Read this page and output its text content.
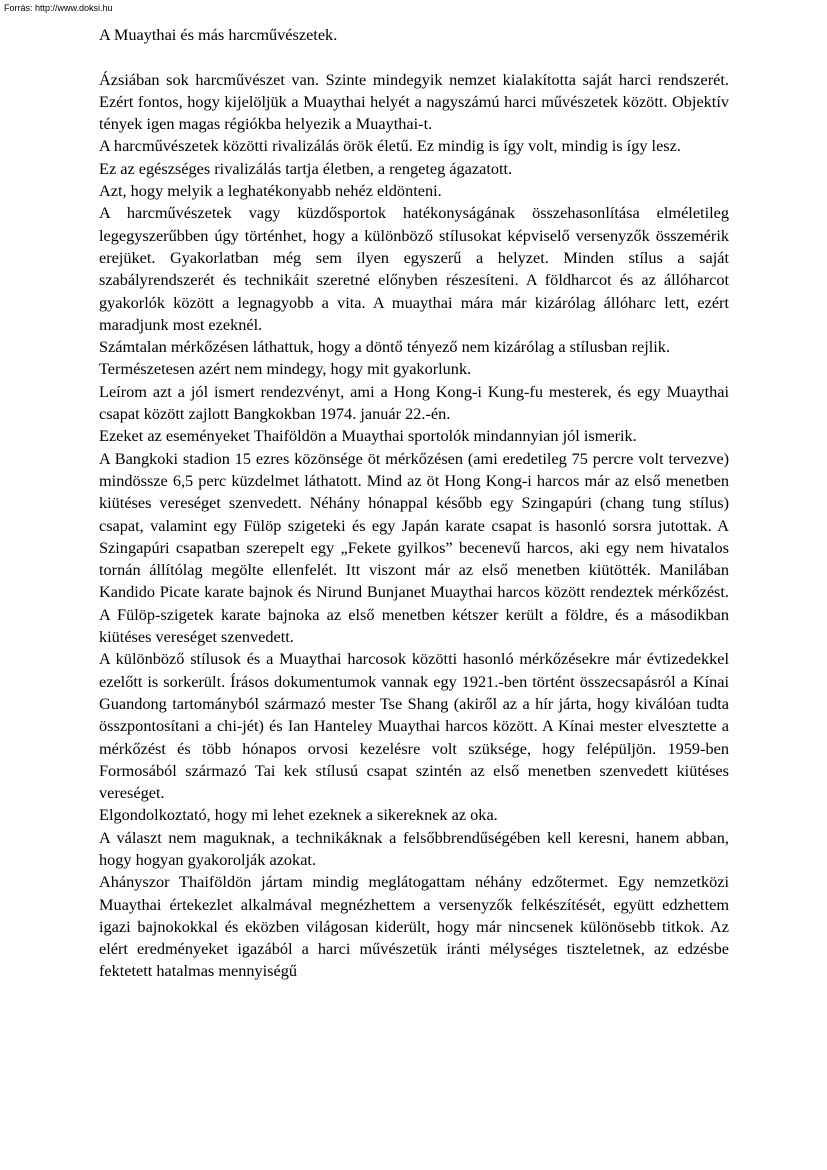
Forrás: http://www.doksi.hu

A Muaythai és más harcművészetek.

Ázsiában sok harcművészet van. Szinte mindegyik nemzet kialakította saját harci rendszerét. Ezért fontos, hogy kijelöljük a Muaythai helyét a nagyszámú harci művészetek között. Objektív tények igen magas régiókba helyezik a Muaythai-t.

A harcművészetek közötti rivalizálás örök életű. Ez mindig is így volt, mindig is így lesz.

Ez az egészséges rivalizálás tartja életben, a rengeteg ágazatott.

Azt, hogy melyik a leghatékonyabb nehéz eldönteni.

A harcművészetek vagy küzdősportok hatékonyságának összehasonlítása elméletileg legegyszerűbben úgy történhet, hogy a különböző stílusokat képviselő versenyzők összemérik erejüket. Gyakorlatban még sem ilyen egyszerű a helyzet. Minden stílus a saját szabályrendszerét és technikáit szeretné előnyben részesíteni. A földharcot és az állóharcot gyakorlók között a legnagyobb a vita. A muaythai mára már kizárólag állóharc lett, ezért maradjunk most ezeknél.

Számtalan mérkőzésen láthattuk, hogy a döntő tényező nem kizárólag a stílusban rejlik.

Természetesen azért nem mindegy, hogy mit gyakorlunk.

Leírom azt a jól ismert rendezvényt, ami a Hong Kong-i Kung-fu mesterek, és egy Muaythai csapat között zajlott Bangkokban 1974. január 22.-én.

Ezeket az eseményeket Thaiföldön a Muaythai sportolók mindannyian jól ismerik.

A Bangkoki stadion 15 ezres közönsége öt mérkőzésen (ami eredetileg 75 percre volt tervezve) mindössze 6,5 perc küzdelmet láthatott. Mind az öt Hong Kong-i harcos már az első menetben kiütéses vereséget szenvedett. Néhány hónappal később egy Szingapúri (chang tung stílus) csapat, valamint egy Fülöp szigeteki és egy Japán karate csapat is hasonló sorsra jutottak. A Szingapúri csapatban szerepelt egy „Fekete gyilkos” becenevű harcos, aki egy nem hivatalos tornán állítólag megölte ellenfelét. Itt viszont már az első menetben kiütötték. Manilában Kandido Picate karate bajnok és Nirund Bunjanet Muaythai harcos között rendeztek mérkőzést. A Fülöp-szigetek karate bajnoka az első menetben kétszer került a földre, és a másodikban kiütéses vereséget szenvedett.

A különböző stílusok és a Muaythai harcosok közötti hasonló mérkőzésekre már évtizedekkel ezelőtt is sorkerült. Írásos dokumentumok vannak egy 1921.-ben történt összecsapásról a Kínai Guandong tartományból származó mester Tse Shang (akiről az a hír járta, hogy kiválóan tudta összpontosítani a chi-jét) és Ian Hanteley Muaythai harcos között. A Kínai mester elvesztette a mérkőzést és több hónapos orvosi kezelésre volt szüksége, hogy felépüljön. 1959-ben Formosából származó Tai kek stílusú csapat szintén az első menetben szenvedett kiütéses vereséget.

Elgondolkoztató, hogy mi lehet ezeknek a sikereknek az oka.

A választ nem maguknak, a technikáknak a felsőbbrendűségében kell keresni, hanem abban, hogy hogyan gyakorolják azokat.

Ahányszor Thaiföldön jártam mindig meglátogattam néhány edzőtermet. Egy nemzetközi Muaythai értekezlet alkalmával megnézhettem a versenyzők felkészítését, együtt edzhettem igazi bajnokokkal és eközben világosan kiderült, hogy már nincsenek különösebb titkok. Az elért eredményeket igazából a harci művészetük iránti mélységes tiszteletnek, az edzésbe fektetett hatalmas mennyiségű
